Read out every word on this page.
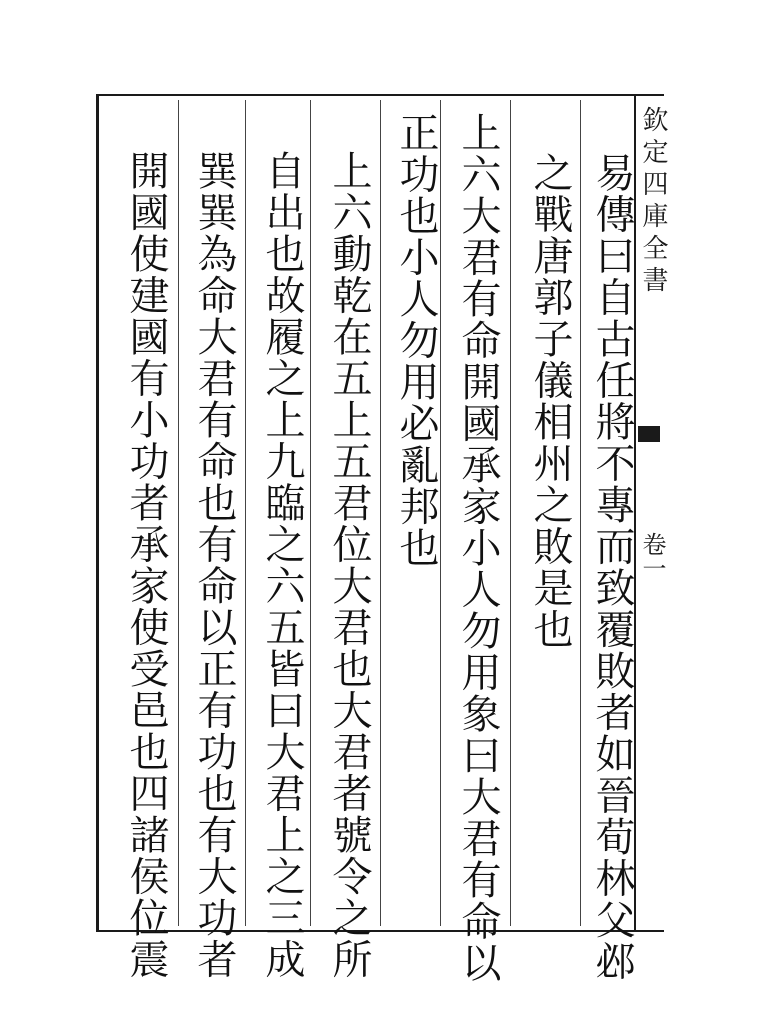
欽定四庫全書
卷一
易傳曰自古任將不專而致覆敗者如晉荀林父邲
之戰唐郭子儀相州之敗是也
上六大君有命開國承家小人勿用象曰大君有命以
正功也小人勿用必亂邦也
上六動乾在五上五君位大君也大君者號令之所
自出也故履之上九臨之六五皆曰大君上之三成
巽巽為命大君有命也有命以正有功也有大功者
開國使建國有小功者承家使受邑也四諸侯位震
